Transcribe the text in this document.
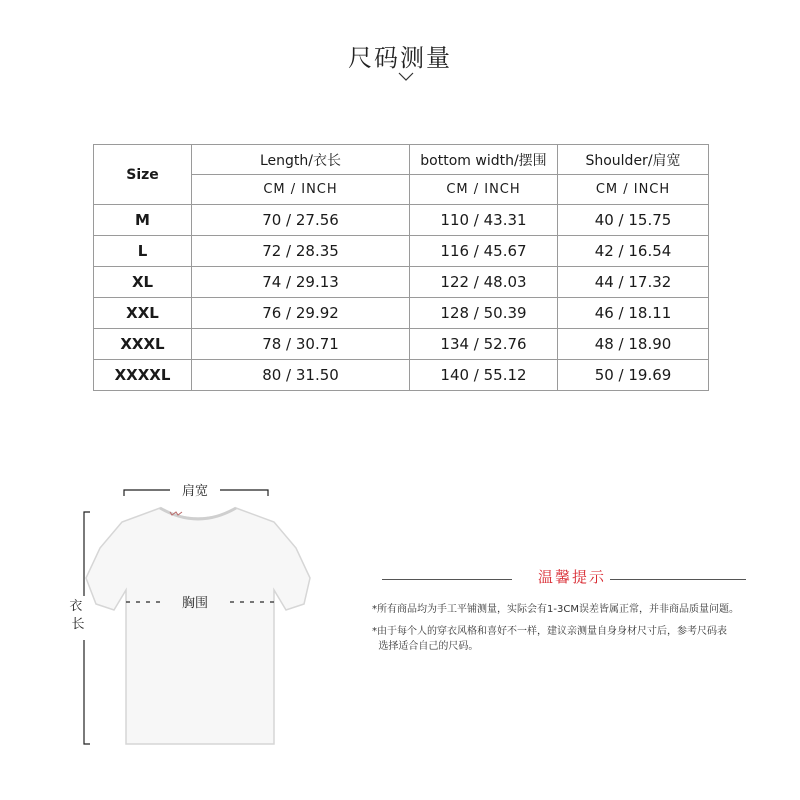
尺码测量
Size	Length/衣长	bottom width/摆围	Shoulder/肩宽
	CM / INCH	CM / INCH	CM / INCH
M	70 / 27.56	110 / 43.31	40 / 15.75
L	72 / 28.35	116 / 45.67	42 / 16.54
XL	74 / 29.13	122 / 48.03	44 / 17.32
XXL	76 / 29.92	128 / 50.39	46 / 18.11
XXXL	78 / 30.71	134 / 52.76	48 / 18.90
XXXXL	80 / 31.50	140 / 55.12	50 / 19.69
肩宽
衣 长
胸围
温馨提示
*所有商品均为手工平铺测量，实际会有1-3CM误差皆属正常，并非商品质量问题。
*由于每个人的穿衣风格和喜好不一样，建议亲测量自身身材尺寸后，参考尺码表
选择适合自己的尺码。
